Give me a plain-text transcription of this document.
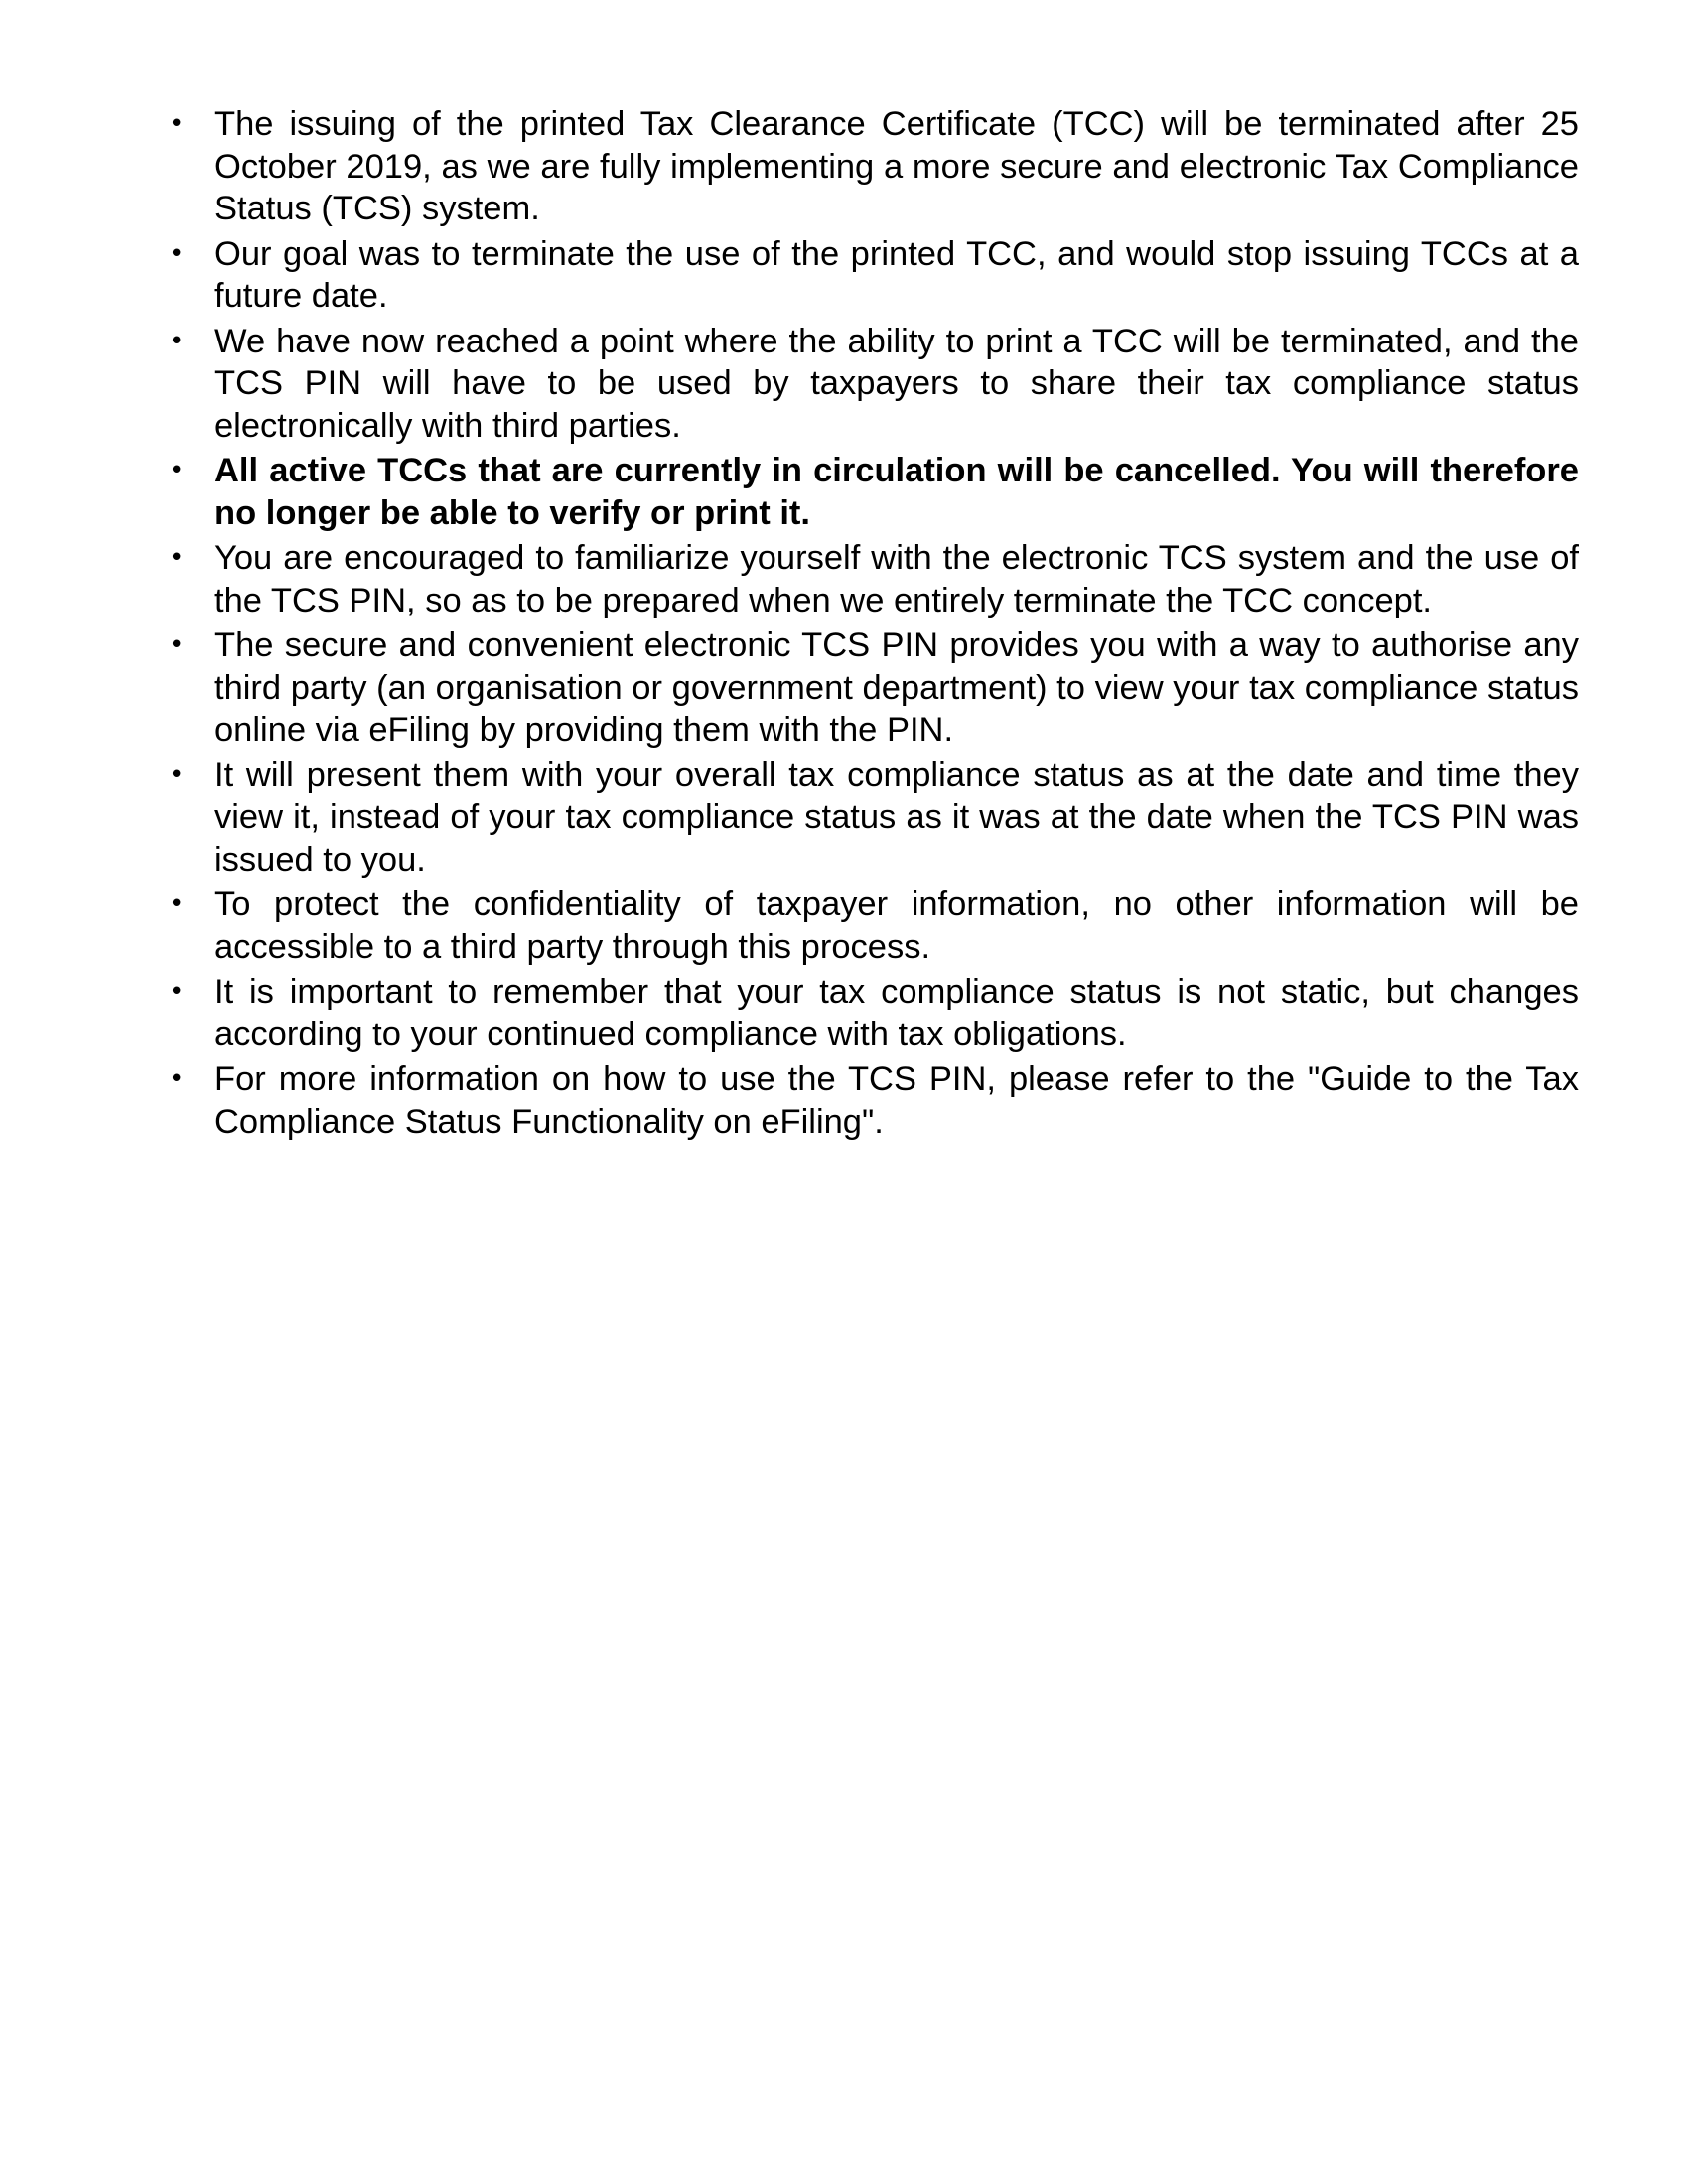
• The issuing of the printed Tax Clearance Certificate (TCC) will be terminated after 25 October 2019, as we are fully implementing a more secure and electronic Tax Compliance Status (TCS) system.
• Our goal was to terminate the use of the printed TCC, and would stop issuing TCCs at a future date.
• We have now reached a point where the ability to print a TCC will be terminated, and the TCS PIN will have to be used by taxpayers to share their tax compliance status electronically with third parties.
• All active TCCs that are currently in circulation will be cancelled. You will therefore no longer be able to verify or print it.
• You are encouraged to familiarize yourself with the electronic TCS system and the use of the TCS PIN, so as to be prepared when we entirely terminate the TCC concept.
• The secure and convenient electronic TCS PIN provides you with a way to authorise any third party (an organisation or government department) to view your tax compliance status online via eFiling by providing them with the PIN.
• It will present them with your overall tax compliance status as at the date and time they view it, instead of your tax compliance status as it was at the date when the TCS PIN was issued to you.
• To protect the confidentiality of taxpayer information, no other information will be accessible to a third party through this process.
• It is important to remember that your tax compliance status is not static, but changes according to your continued compliance with tax obligations.
• For more information on how to use the TCS PIN, please refer to the "Guide to the Tax Compliance Status Functionality on eFiling".
